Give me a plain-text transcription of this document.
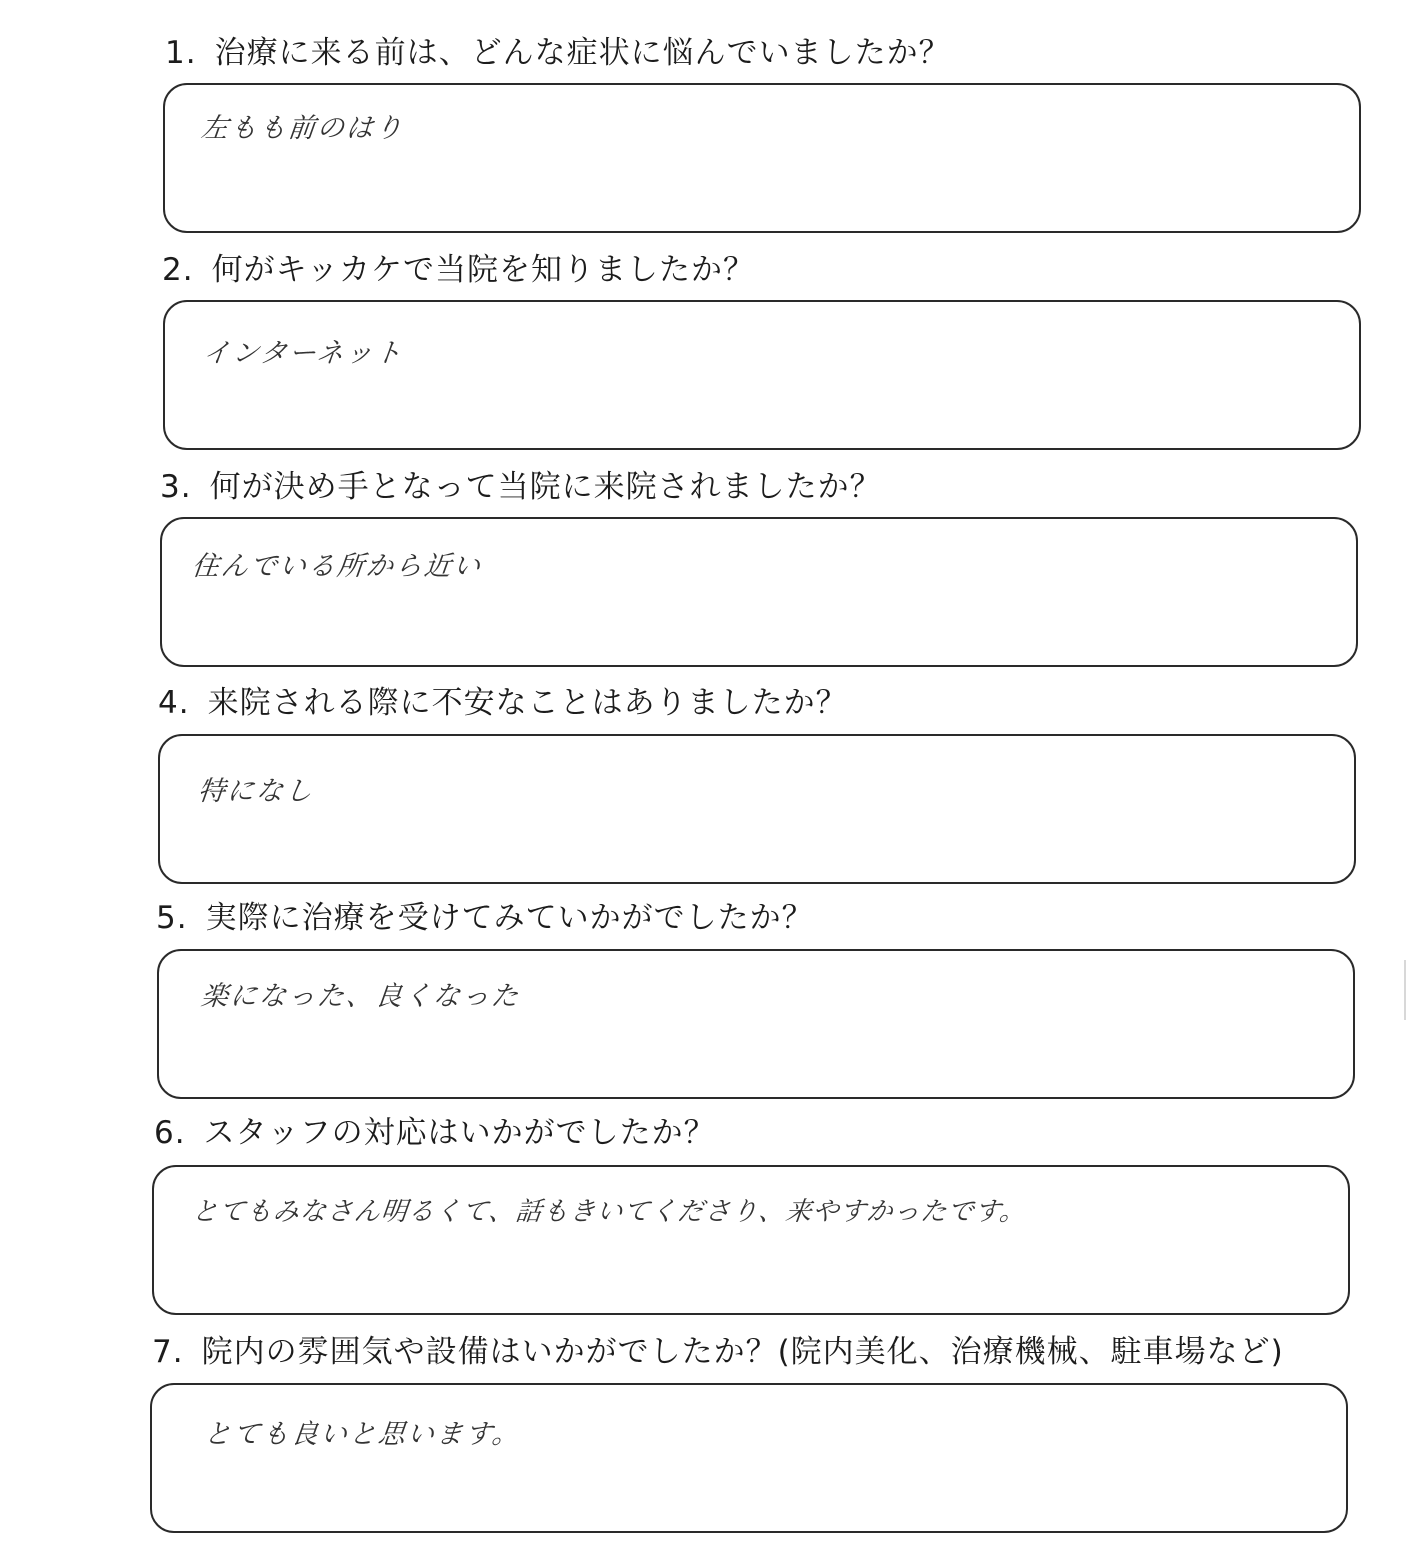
1. 治療に来る前は、どんな症状に悩んでいましたか？
左もも前のはり
2. 何がキッカケで当院を知りましたか？
インターネット
3. 何が決め手となって当院に来院されましたか？
住んでいる所から近い
4. 来院される際に不安なことはありましたか？
特になし
5. 実際に治療を受けてみていかがでしたか？
楽になった、良くなった
6. スタッフの対応はいかがでしたか？
とてもみなさん明るくて、話もきいてくださり、来やすかったです。
7. 院内の雰囲気や設備はいかがでしたか？(院内美化、治療機械、駐車場など)
とても良いと思います。
